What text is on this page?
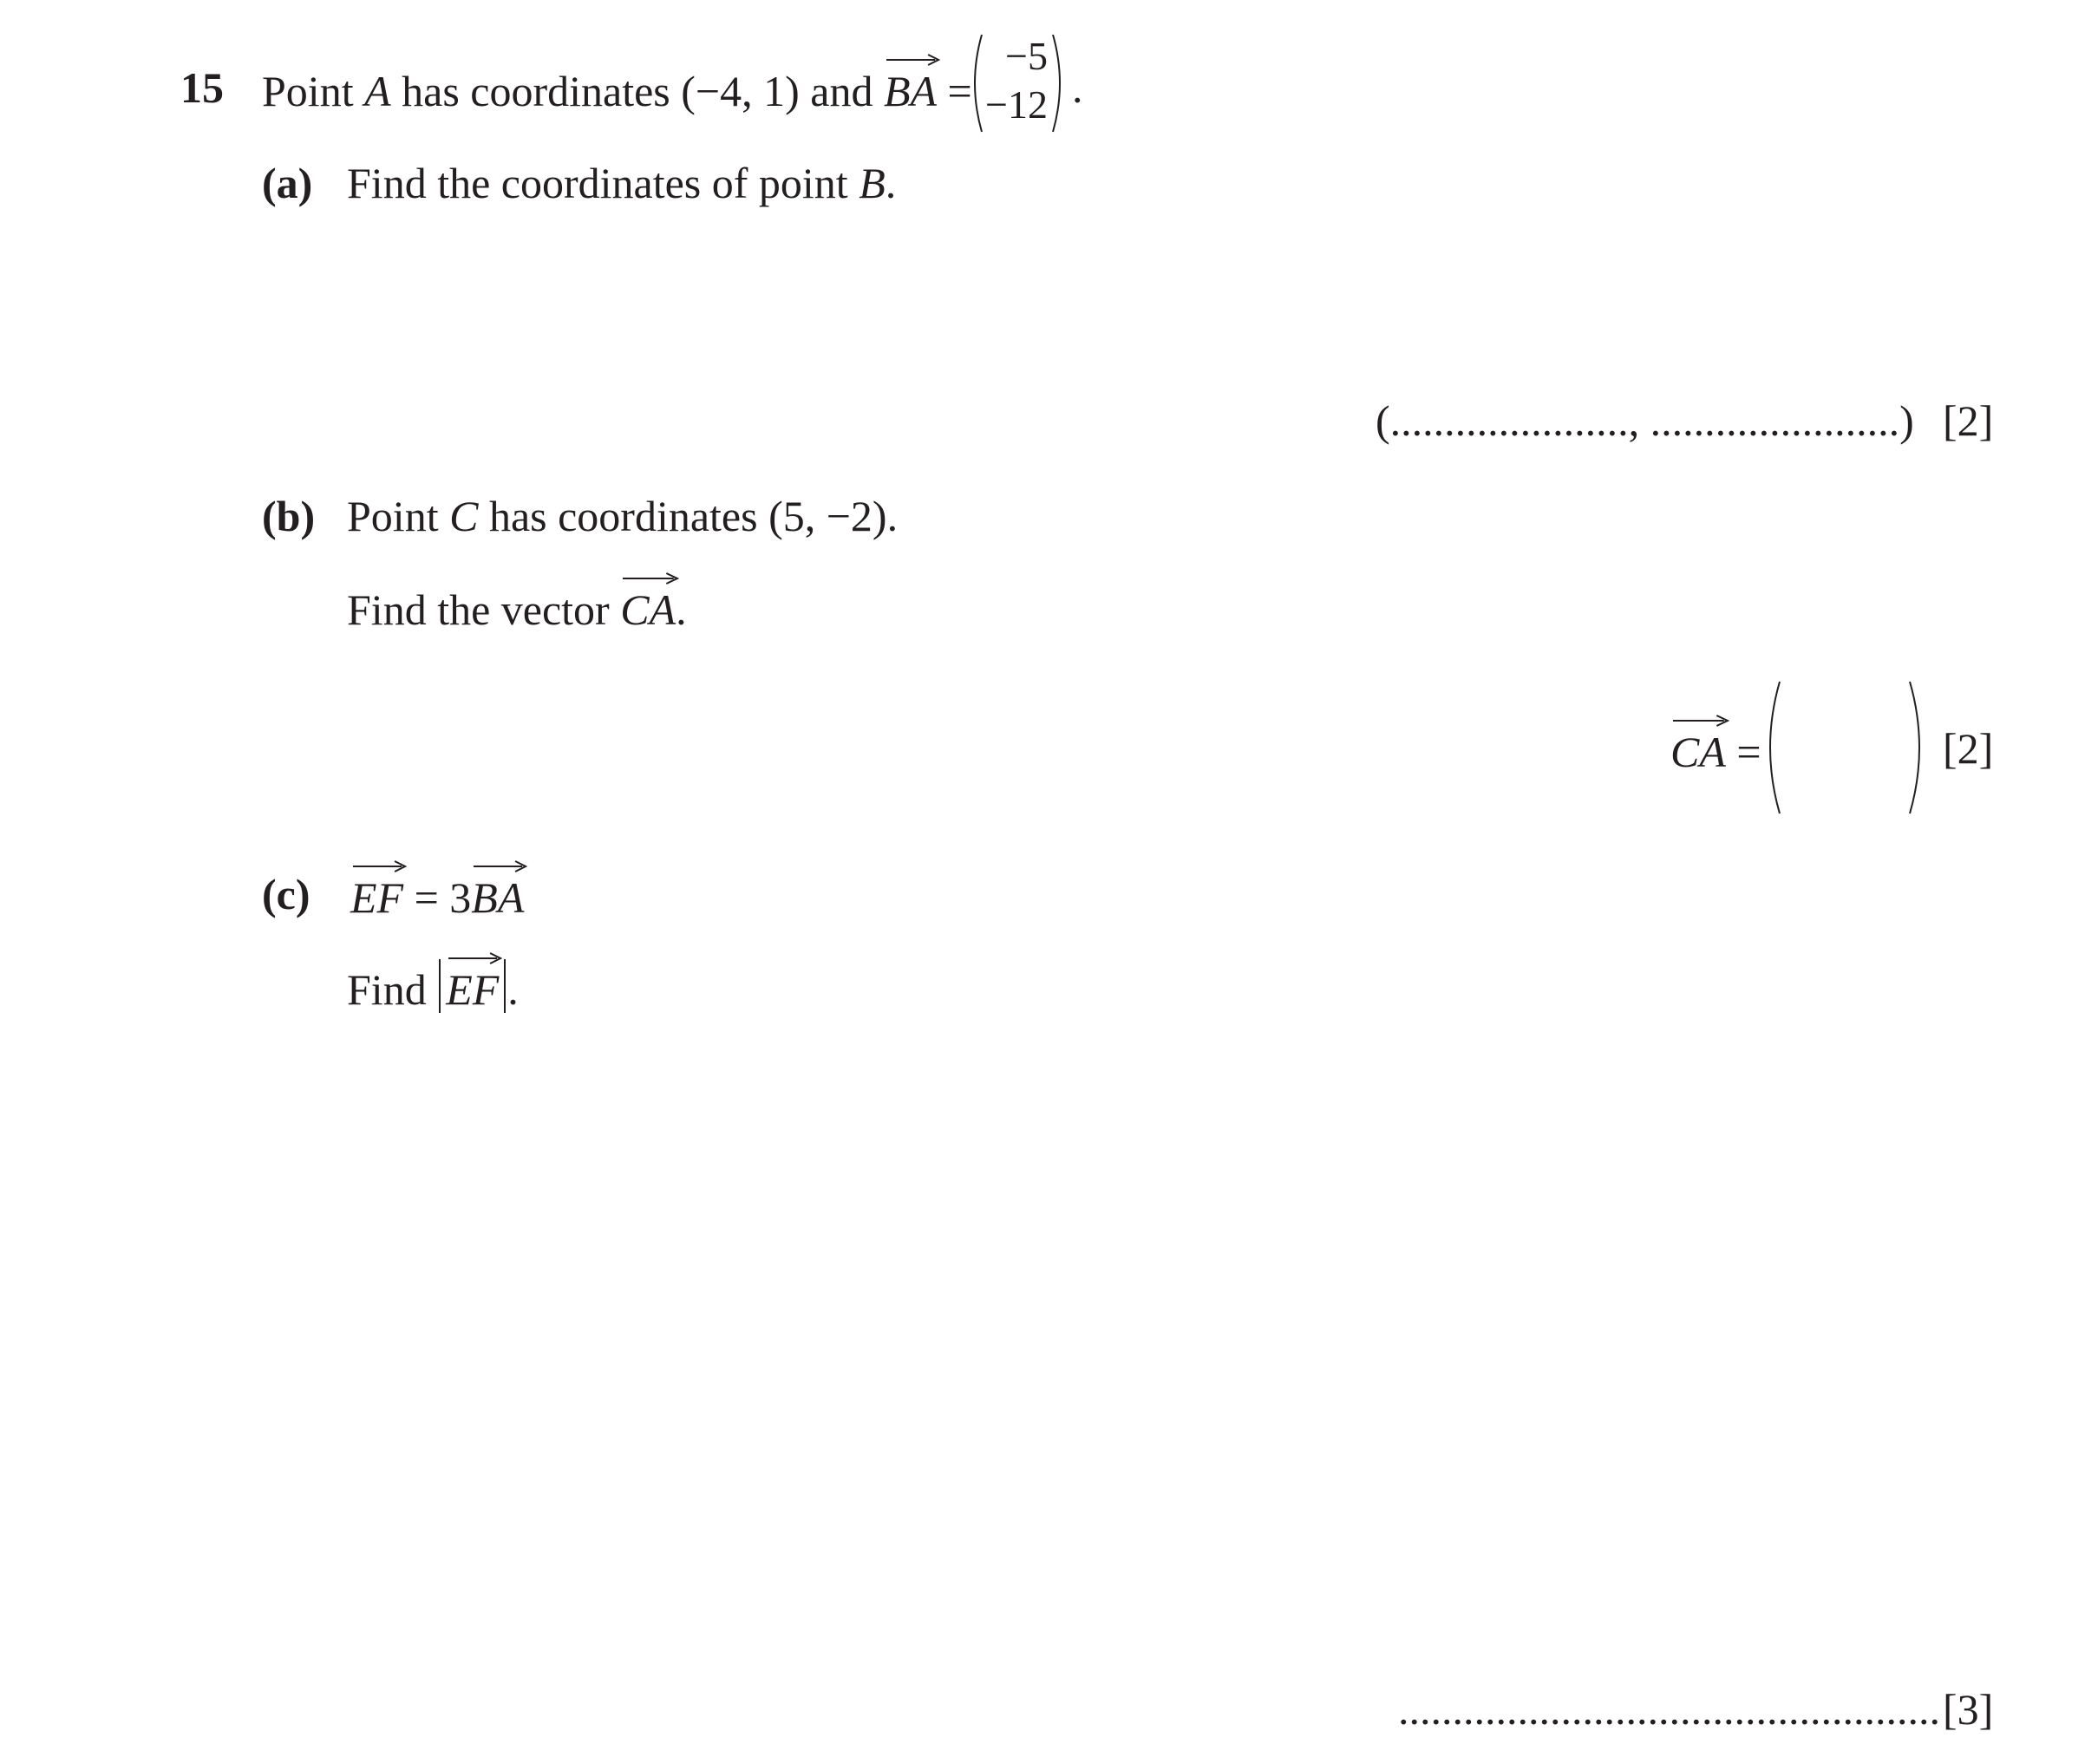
15 Point A has coordinates (−4, 1) and BA =
−5
−12 .
(a) Find the coordinates of point B.
(......................, .......................) [2]
(b) Point C has coordinates (5, −2).
Find the vector CA.
CA =	[2]
(c) EF = 3
BA
Find EF .
.................................................. [3]
